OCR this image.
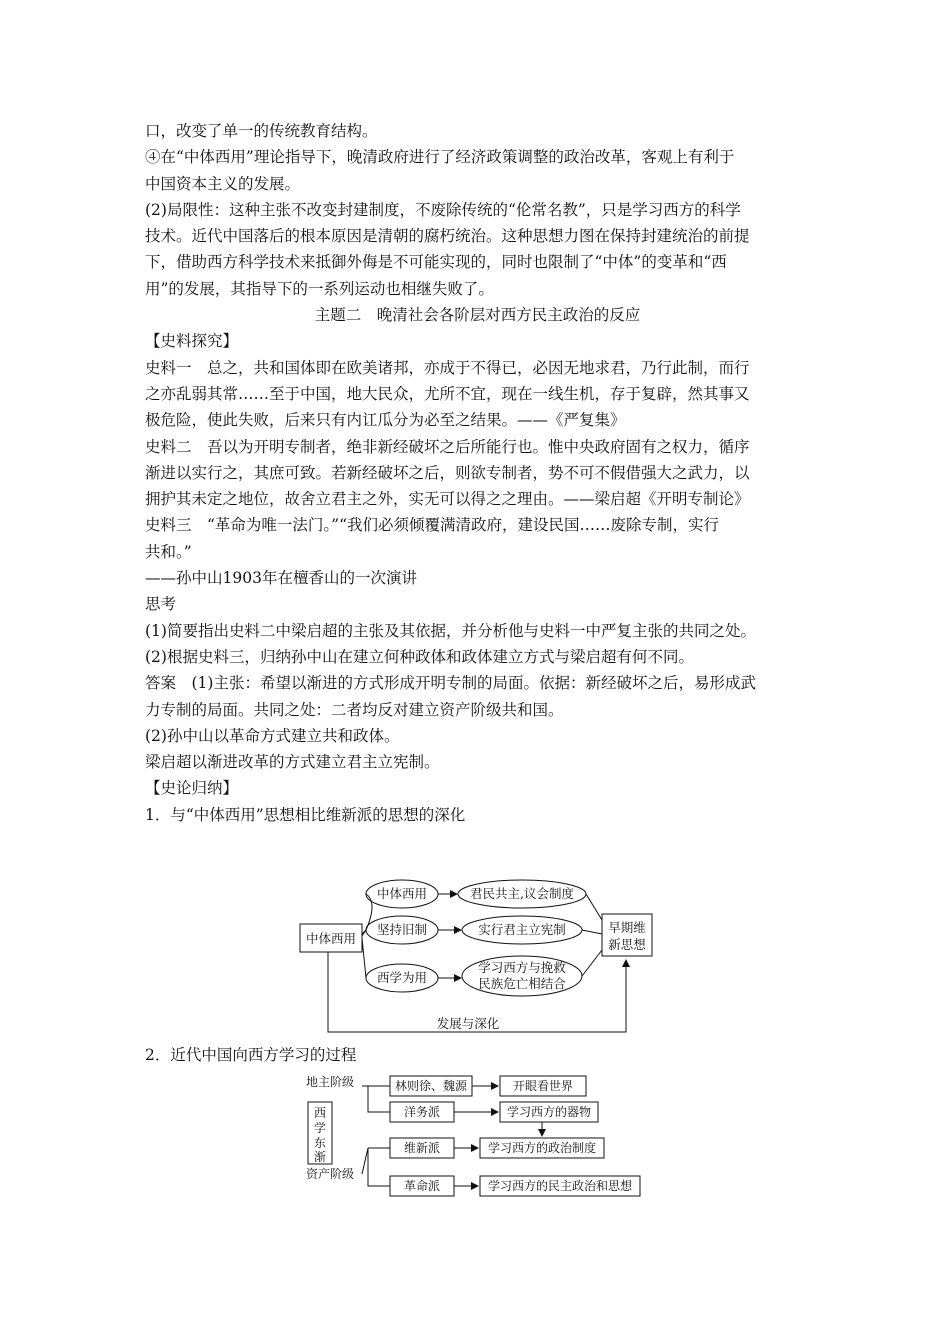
口，改变了单一的传统教育结构。

④在“中体西用”理论指导下，晚清政府进行了经济政策调整的政治改革，客观上有利于

中国资本主义的发展。

(2)局限性：这种主张不改变封建制度，不废除传统的“伦常名教”，只是学习西方的科学

技术。近代中国落后的根本原因是清朝的腐朽统治。这种思想力图在保持封建统治的前提

下，借助西方科学技术来抵御外侮是不可能实现的，同时也限制了“中体”的变革和“西

用”的发展，其指导下的一系列运动也相继失败了。

主题二　晚清社会各阶层对西方民主政治的反应

【史料探究】

史料一　总之，共和国体即在欧美诸邦，亦成于不得已，必因无地求君，乃行此制，而行

之亦乱弱其常……至于中国，地大民众，尤所不宜，现在一线生机，存于复辟，然其事又

极危险，使此失败，后来只有内讧瓜分为必至之结果。——《严复集》

史料二　吾以为开明专制者，绝非新经破坏之后所能行也。惟中央政府固有之权力，循序

渐进以实行之，其庶可致。若新经破坏之后，则欲专制者，势不可不假借强大之武力，以

拥护其未定之地位，故舍立君主之外，实无可以得之之理由。——梁启超《开明专制论》

史料三　“革命为唯一法门。”“我们必须倾覆满清政府，建设民国……废除专制，实行

共和。”

——孙中山1903年在檀香山的一次演讲

思考

(1)简要指出史料二中梁启超的主张及其依据，并分析他与史料一中严复主张的共同之处。

(2)根据史料三，归纳孙中山在建立何种政体和政体建立方式与梁启超有何不同。

答案　(1)主张：希望以渐进的方式形成开明专制的局面。依据：新经破坏之后，易形成武

力专制的局面。共同之处：二者均反对建立资产阶级共和国。

(2)孙中山以革命方式建立共和政体。

梁启超以渐进改革的方式建立君主立宪制。

【史论归纳】

1．与“中体西用”思想相比维新派的思想的深化

中体西用
中体西用
坚持旧制
西学为用
君民共主,议会制度
实行君主立宪制
学习西方与挽救
民族危亡相结合
早期维
新思想
发展与深化

2．近代中国向西方学习的过程

地主阶级
资产阶级
西
学
东
渐
林则徐、魏源
洋务派
维新派
革命派
开眼看世界
学习西方的器物
学习西方的政治制度
学习西方的民主政治和思想
